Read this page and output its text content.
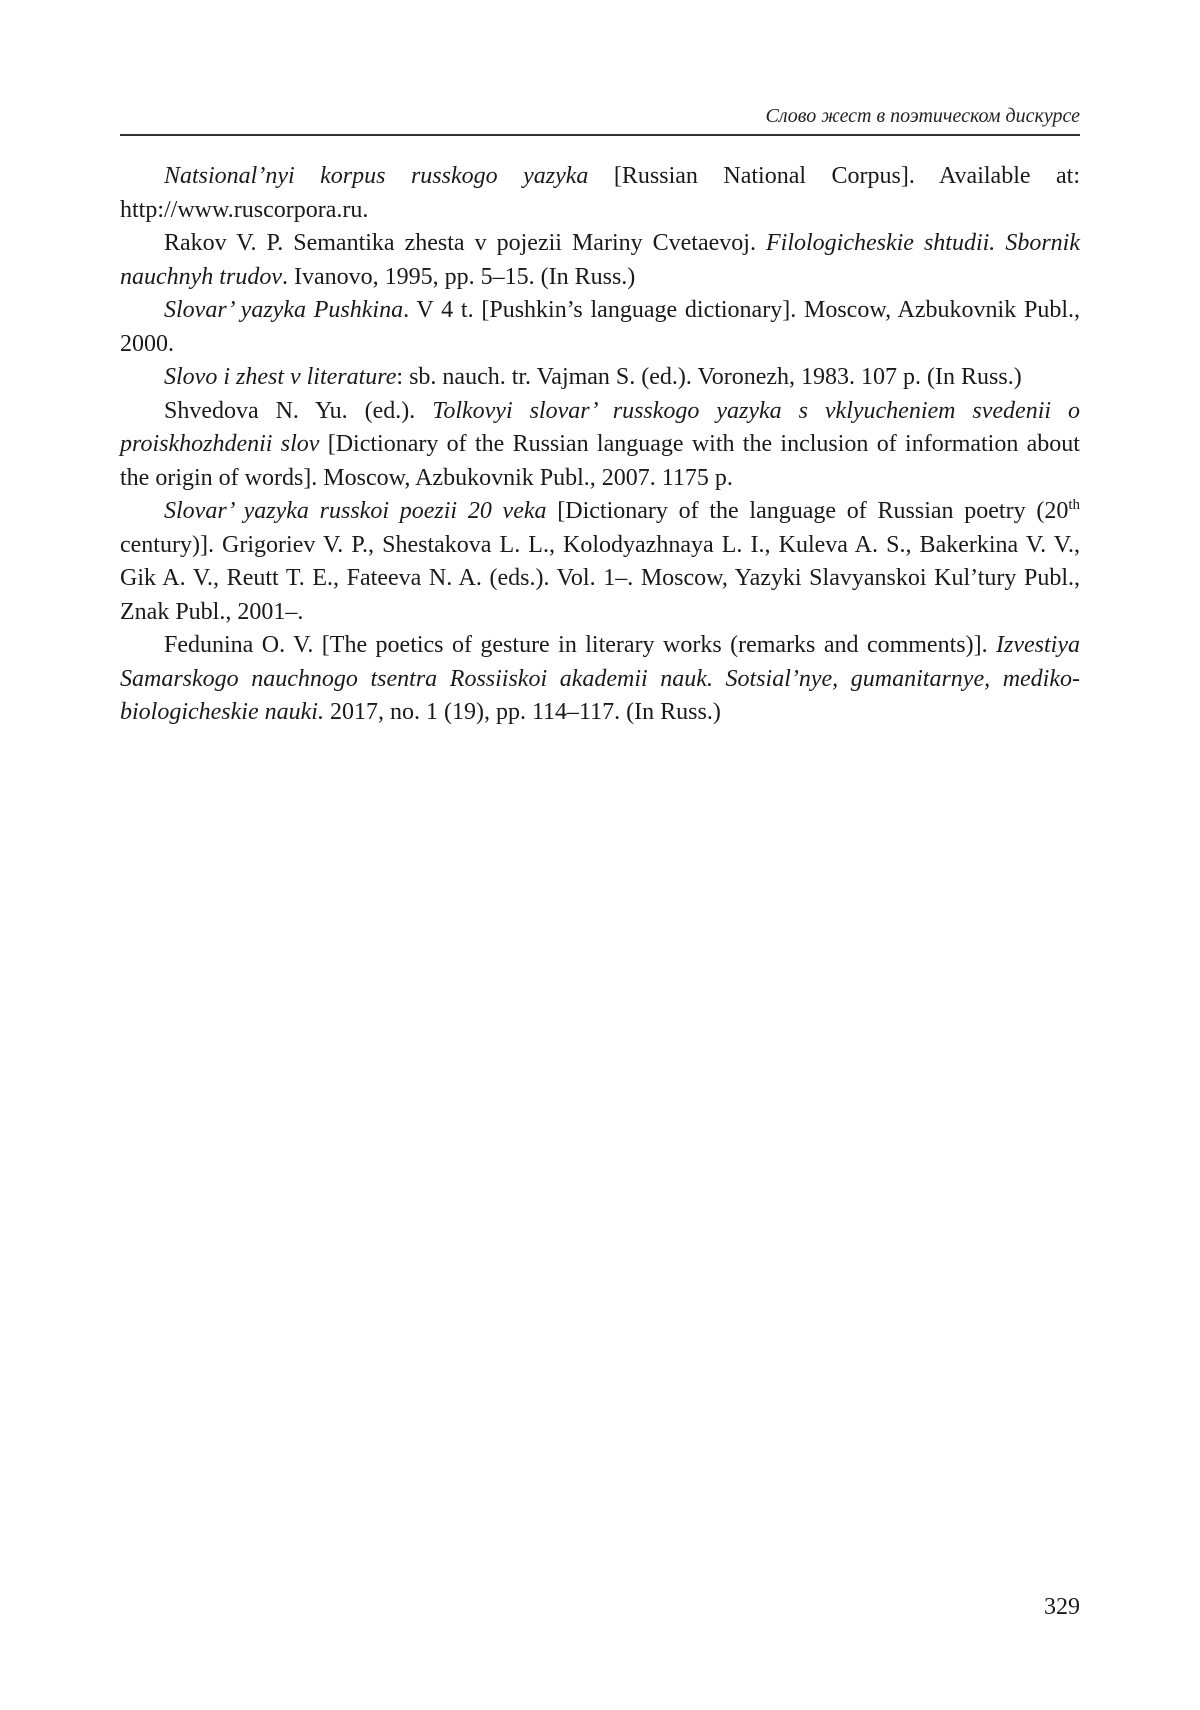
Слово жест в поэтическом дискурсе

Natsional’nyi korpus russkogo yazyka [Russian National Corpus]. Available at: http://www.ruscorpora.ru.

Rakov V. P. Semantika zhesta v pojezii Mariny Cvetaevoj. Filologicheskie shtudii. Sbornik nauchnyh trudov. Ivanovo, 1995, pp. 5–15. (In Russ.)

Slovar’ yazyka Pushkina. V 4 t. [Pushkin’s language dictionary]. Moscow, Azbukovnik Publ., 2000.

Slovo i zhest v literature: sb. nauch. tr. Vajman S. (ed.). Voronezh, 1983. 107 p. (In Russ.)

Shvedova N. Yu. (ed.). Tolkovyi slovar’ russkogo yazyka s vklyucheniem svedenii o proiskhozhdenii slov [Dictionary of the Russian language with the inclusion of information about the origin of words]. Moscow, Azbukovnik Publ., 2007. 1175 p.

Slovar’ yazyka russkoi poezii 20 veka [Dictionary of the language of Russian poetry (20th century)]. Grigoriev V. P., Shestakova L. L., Kolodyazhnaya L. I., Kuleva A. S., Bakerkina V. V., Gik A. V., Reutt T. E., Fateeva N. A. (eds.). Vol. 1–. Moscow, Yazyki Slavyanskoi Kul’tury Publ., Znak Publ., 2001–.

Fedunina O. V. [The poetics of gesture in literary works (remarks and comments)]. Izvestiya Samarskogo nauchnogo tsentra Rossiiskoi akademii nauk. Sotsial’nye, gumanitarnye, mediko-biologicheskie nauki. 2017, no. 1 (19), pp. 114–117. (In Russ.)

329
